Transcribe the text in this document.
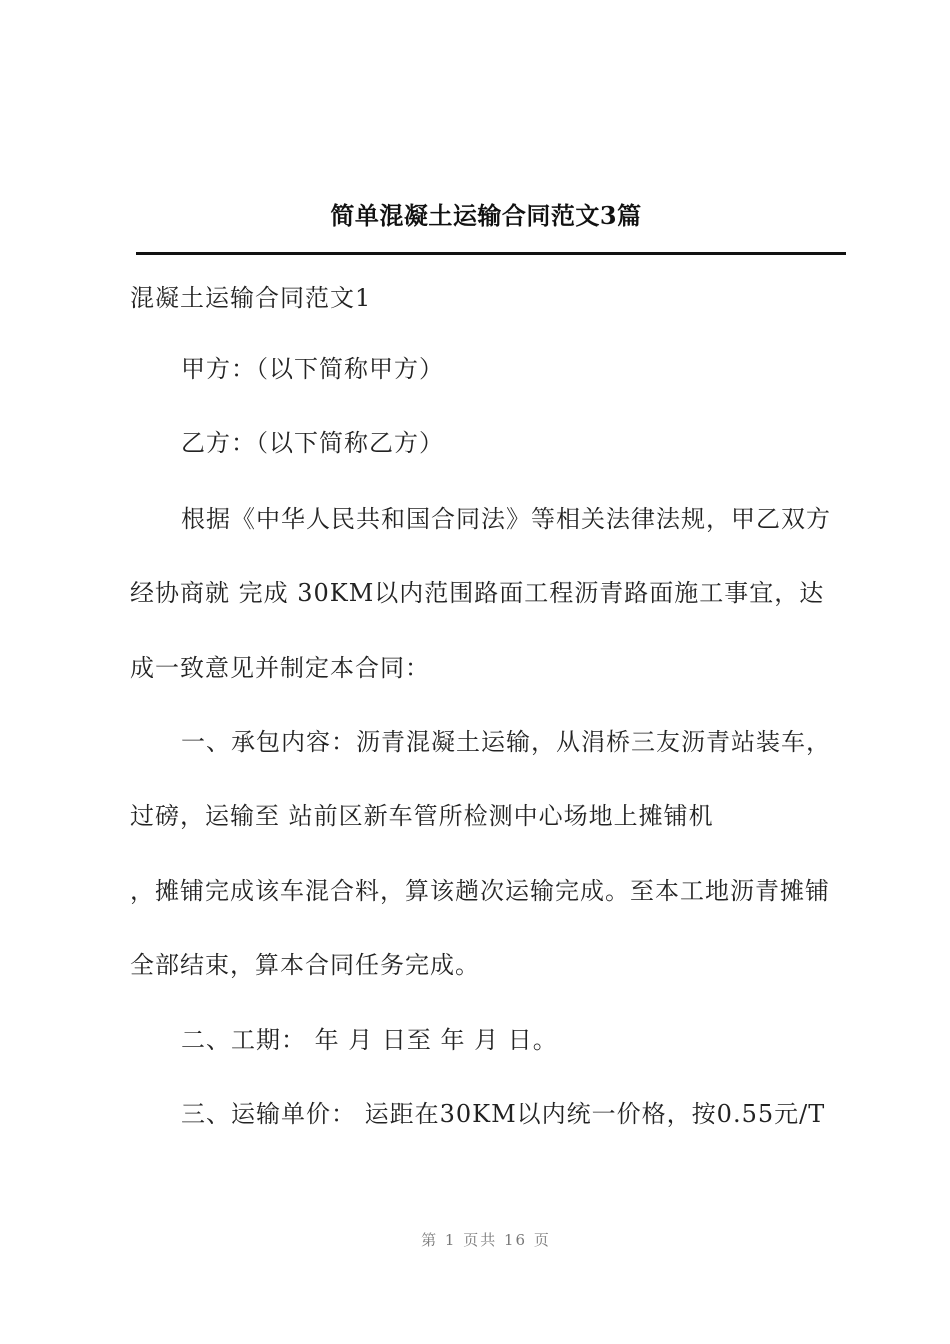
简单混凝土运输合同范文3篇

混凝土运输合同范文1

甲方：（以下简称甲方）

乙方：（以下简称乙方）

根据《中华人民共和国合同法》等相关法律法规，甲乙双方

经协商就 完成 30KM以内范围路面工程沥青路面施工事宜，达

成一致意见并制定本合同：

一、承包内容：沥青混凝土运输，从涓桥三友沥青站装车，

过磅，运输至 站前区新车管所检测中心场地上摊铺机

，摊铺完成该车混合料，算该趟次运输完成。至本工地沥青摊铺

全部结束，算本合同任务完成。

二、工期： 年 月 日至 年 月 日。

三、运输单价： 运距在30KM以内统一价格，按0.55元/T

第 1 页共 16 页
